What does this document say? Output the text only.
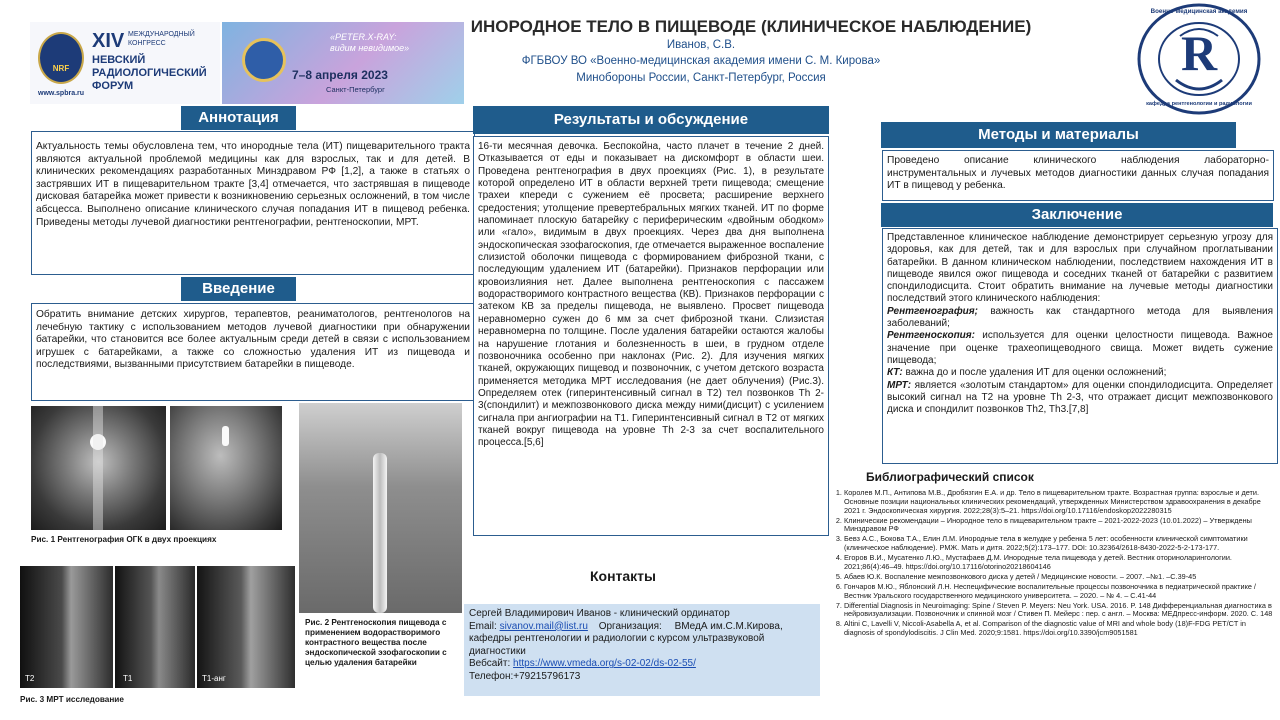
NRF
XIV МЕЖДУНАРОДНЫЙ
КОНГРЕСС
НЕВСКИЙ
РАДИОЛОГИЧЕСКИЙ
ФОРУМ
www.spbra.ru
«PETER.X-RAY:
видим невидимое»
7–8 апреля 2023
Санкт-Петербург
ИНОРОДНОЕ ТЕЛО В ПИЩЕВОДЕ (КЛИНИЧЕСКОЕ НАБЛЮДЕНИЕ)
Иванов, С.В.
ФГБВОУ ВО «Военно-медицинская академия имени С. М. Кирова»
Минобороны России, Санкт-Петербург, Россия	R
Военно-медицинская академия
кафедра рентгенологии и радиологии
Аннотация

Актуальность темы обусловлена тем, что инородные тела (ИТ) пищеварительного тракта являются актуальной проблемой медицины как для взрослых, так и для детей. В клинических рекомендациях разработанных Минздравом РФ [1,2], а также в статьях о застрявших ИТ в пищеварительном тракте [3,4] отмечается, что застрявшая в пищеводе дисковая батарейка может привести к возникновению серьезных осложнений, в том числе абсцесса. Выполнено описание клинического случая попадания ИТ в пищевод ребенка. Приведены методы лучевой диагностики рентгенографии, рентгеноскопии, МРТ.

Введение

Обратить внимание детских хирургов, терапевтов, реаниматологов, рентгенологов на лечебную тактику с использованием методов лучевой диагностики при обнаружении батарейки, что становится все более актуальным среди детей в связи с использованием игрушек с батарейками, а также со сложностью удаления ИТ из пищевода и последствиями, вызванными присутствием батарейки в пищеводе.

Рис. 1 Рентгенография ОГК в двух проекциях
T2	T1	T1-анг
Рис. 3 МРТ исследование
Рис. 2 Рентгеноскопия пищевода с применением водорастворимого контрастного вещества после эндоскопической эзофагоскопии с целью удаления батарейки
Результаты и обсуждение

16-ти месячная девочка. Беспокойна, часто плачет в течение 2 дней. Отказывается от еды и показывает на дискомфорт в области шеи. Проведена рентгенография в двух проекциях (Рис. 1), в результате которой определено ИТ в области верхней трети пищевода; смещение трахеи кпереди с сужением её просвета; расширение верхнего средостения; утолщение превертебральных мягких тканей. ИТ по форме напоминает плоскую батарейку с периферическим «двойным ободком» или «гало», видимым в двух проекциях. Через два дня выполнена эндоскопическая эзофагоскопия, где отмечается выраженное воспаление слизистой оболочки пищевода с формированием фиброзной ткани, с последующим удалением ИТ (батарейки). Признаков перфорации или кровоизлияния нет. Далее выполнена рентгеноскопия с пассажем водорастворимого контрастного вещества (КВ). Признаков перфорации с затеком КВ за пределы пищевода, не выявлено. Просвет пищевода неравномерно сужен до 6 мм за счет фиброзной ткани. Слизистая неравномерна по толщине. После удаления батарейки остаются жалобы на нарушение глотания и болезненность в шеи, в грудном отделе позвоночника особенно при наклонах (Рис. 2). Для изучения мягких тканей, окружающих пищевод и позвоночник, с учетом детского возраста применяется методика МРТ исследования (не дает облучения) (Рис.3). Определяем отек (гиперинтенсивный сигнал в Т2) тел позвонков Th 2-3(спондилит) и межпозвонкового диска между ними(дисцит) с усилением сигнала при ангиографии на Т1. Гиперинтенсивный сигнал в Т2 от мягких тканей вокруг пищевода на уровне Th 2-3 за счет воспалительного процесса.[5,6]

Контакты
Сергей Владимирович Иванов - клинический ординатор
Email: sivanov.mail@list.ru Организация: ВМедА им.С.М.Кирова, кафедры рентгенологии и радиологии с курсом ультразвуковой диагностики
Вебсайт: https://www.vmeda.org/s-02-02/ds-02-55/
Телефон:+79215796173
Методы и материалы

Проведено описание клинического наблюдения лабораторно-инструментальных и лучевых методов диагностики данных случая попадания ИТ в пищевод у ребенка.

Заключение

Представленное клиническое наблюдение демонстрирует серьезную угрозу для здоровья, как для детей, так и для взрослых при случайном проглатывании батарейки. В данном клиническом наблюдении, последствием нахождения ИТ в пищеводе явился ожог пищевода и соседних тканей от батарейки с развитием спондилодисцита. Стоит обратить внимание на лучевые методы диагностики последствий этого клинического наблюдения:

Рентгенография; важность как стандартного метода для выявления заболеваний;

Рентгеноскопия: используется для оценки целостности пищевода. Важное значение при оценке трахеопищеводного свища. Может видеть сужение пищевода;

КТ: важна до и после удаления ИТ для оценки осложнений;

МРТ: является «золотым стандартом» для оценки спондилодисцита. Определяет высокий сигнал на Т2 на уровне Th 2-3, что отражает дисцит межпозвонкового диска и спондилит позвонков Th2, Th3.[7,8]

Библиографический список
1. Королев М.П., Антипова М.В., Дробязгин Е.А. и др. Тело в пищеварительном тракте. Возрастная группа: взрослые и дети. Основные позиции национальных клинических рекомендаций, утвержденных Министерством здравоохранения в декабре 2021 г. Эндоскопическая хирургия. 2022;28(3):5–21. https://doi.org/10.17116/endoskop2022280315
2. Клинические рекомендации – Инородное тело в пищеварительном тракте – 2021-2022-2023 (10.01.2022) – Утверждены Минздравом РФ
3. Бевз А.С., Бокова Т.А., Елин Л.М. Инородные тела в желудке у ребенка 5 лет: особенности клинической симптоматики (клиническое наблюдение). РМЖ. Мать и дитя. 2022;5(2):173–177. DOI: 10.32364/2618-8430-2022-5-2-173-177.
4. Егоров В.И., Мусатенко Л.Ю., Мустафаев Д.М. Инородные тела пищевода у детей. Вестник оториноларингологии. 2021;86(4):46–49. https://doi.org/10.17116/otorino20218604146
5. Абаев Ю.К. Воспаление межпозвонкового диска у детей / Медицинские новости. – 2007. –№1. –С.39-45
6. Гончаров М.Ю., Яблонский Л.Н. Неспецифические воспалительные процессы позвоночника в педиатрической практике / Вестник Уральского государственного медицинского университета. – 2020. – № 4. – С.41-44
7. Differential Diagnosis in Neuroimaging: Spine / Steven P. Meyers: Neu York. USA. 2016. P. 148 Дифференциальная диагностика в нейровизуализации. Позвоночник и спинной мозг / Стивен П. Мейерс : пер. с англ. – Москва: МЕДпресс-информ. 2020. С. 148
8. Altini C, Lavelli V, Niccoli-Asabella A, et al. Comparison of the diagnostic value of MRI and whole body (18)F-FDG PET/CT in diagnosis of spondylodiscitis. J Clin Med. 2020;9:1581. https://doi.org/10.3390/jcm9051581
